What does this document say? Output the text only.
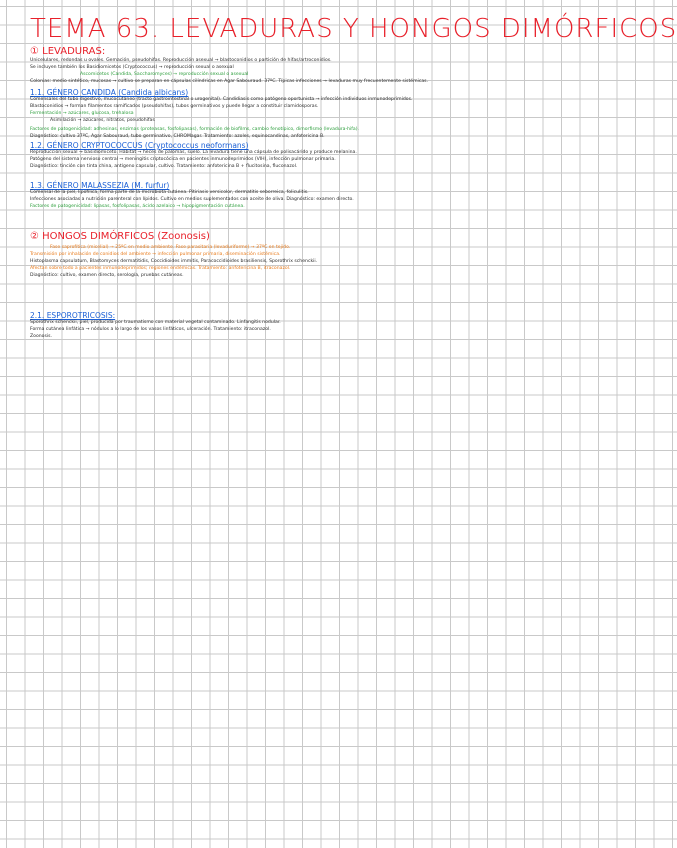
TEMA 63. LEVADURAS Y HONGOS DIMÓRFICOS
① LEVADURAS:
Unicelulares, redondas u ovales. Gemación, pseudohifas. Reproducción asexual → blastoconidios o partición de hifas/artroconidios.
Se incluyen también los Basidiomicetos (Cryptococcus) → reproducción sexual o asexual
Ascomicetos (Candida, Saccharomyces) → reproducción sexual o asexual
Colonias: medio sintético, mucosas → cultivo se preparan en cápsulas cilíndricas en Agar Sabouraud. 37ºC. Típicas infecciones → levaduras muy frecuentemente sistémicas.
1.1. GÉNERO CANDIDA (Candida albicans)
Comensales del tubo digestivo, mucocutáneo (tracto gastrointestinal o urogenital). Candidiasis como patógeno oportunista → infección individuos inmunodeprimidos.
Blastoconidios → forman filamentos ramificados (pseudohifas), tubos germinativos y puede llegar a constituir clamidosporas.
Fermentación → azúcares, glucosa, trehalosa
Asimilación → azúcares, nitratos, pseudohifas
Factores de patogenicidad: adhesinas, enzimas (proteasas, fosfolipasas), formación de biofilms, cambio fenotípico, dimorfismo (levadura-hifa).
Diagnóstico: cultivo 37ºC, Agar Sabouraud, tubo germinativo, CHROMagar. Tratamiento: azoles, equinocandinas, anfotericina B.
1.2. GÉNERO CRYPTOCOCCUS (Cryptococcus neoformans)
Reproducción sexual → basidiomiceto. Hábitat → heces de palomas, suelo. La levadura tiene una cápsula de polisacárido y produce melanina.
Patógeno del sistema nervioso central → meningitis criptocócica en pacientes inmunodeprimidos (VIH), infección pulmonar primaria.
Diagnóstico: tinción con tinta china, antígeno capsular, cultivo. Tratamiento: anfotericina B + flucitosina, fluconazol.
1.3. GÉNERO MALASSEZIA (M. furfur)
Comensal de la piel, lipofílica, forma parte de la microbiota cutánea. Pitiriasis versicolor, dermatitis seborreica, foliculitis.
Infecciones asociadas a nutrición parenteral con lípidos. Cultivo en medios suplementados con aceite de oliva. Diagnóstico: examen directo.
Factores de patogenicidad: lipasas, fosfolipasas, ácido azelaico → hipopigmentación cutánea.
② HONGOS DIMÓRFICOS (Zoonosis)
Fase saprofítica (micelial) → 25ºC en medio ambiente. Fase parasitaria (levaduriforme) → 37ºC en tejido.
Transmisión por inhalación de conidios del ambiente → infección pulmonar primaria, diseminación sistémica.
Histoplasma capsulatum, Blastomyces dermatitidis, Coccidioides immitis, Paracoccidioides brasiliensis, Sporothrix schenckii.
Afectan sobre todo a pacientes inmunodeprimidos; regiones endémicas. Tratamiento: anfotericina B, itraconazol.
Diagnóstico: cultivo, examen directo, serología, pruebas cutáneas.
2.1. ESPOROTRICOSIS:
Sporothrix schenckii, piel, producida por traumatismo con material vegetal contaminado. Linfangitis nodular.
Forma cutánea linfática → nódulos a lo largo de los vasos linfáticos, ulceración. Tratamiento: itraconazol.
Zoonosis.
